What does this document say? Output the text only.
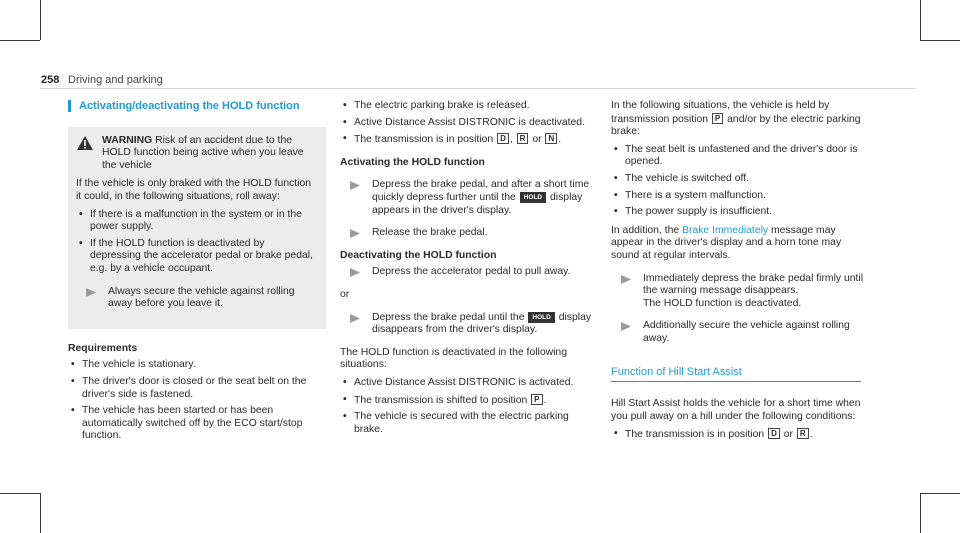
258 Driving and parking
Activating/deactivating the HOLD function
WARNING Risk of an accident due to the HOLD function being active when you leave the vehicle

If the vehicle is only braked with the HOLD function it could, in the following situations, roll away:

• If there is a malfunction in the system or in the power supply.
• If the HOLD function is deactivated by depressing the accelerator pedal or brake pedal, e.g. by a vehicle occupant.
Always secure the vehicle against rolling away before you leave it.
Requirements
• The vehicle is stationary.
• The driver's door is closed or the seat belt on the driver's side is fastened.
• The vehicle has been started or has been automatically switched off by the ECO start/stop function.
• The electric parking brake is released.
• Active Distance Assist DISTRONIC is deactivated.
• The transmission is in position D , R or N .
Activating the HOLD function
Depress the brake pedal, and after a short time quickly depress further until the HOLD display appears in the driver's display.
Release the brake pedal.
Deactivating the HOLD function
Depress the accelerator pedal to pull away.

or

Depress the brake pedal until the HOLD display disappears from the driver's display.

The HOLD function is deactivated in the following situations:

• Active Distance Assist DISTRONIC is activated.
• The transmission is shifted to position P .
• The vehicle is secured with the electric parking brake.

In the following situations, the vehicle is held by transmission position P and/or by the electric parking brake:

• The seat belt is unfastened and the driver's door is opened.
• The vehicle is switched off.
• There is a system malfunction.
• The power supply is insufficient.

In addition, the Brake Immediately message may appear in the driver's display and a horn tone may sound at regular intervals.

Immediately depress the brake pedal firmly until the warning message disappears.
The HOLD function is deactivated.
Additionally secure the vehicle against rolling away.
Function of Hill Start Assist

Hill Start Assist holds the vehicle for a short time when you pull away on a hill under the following conditions:

• The transmission is in position D or R .
